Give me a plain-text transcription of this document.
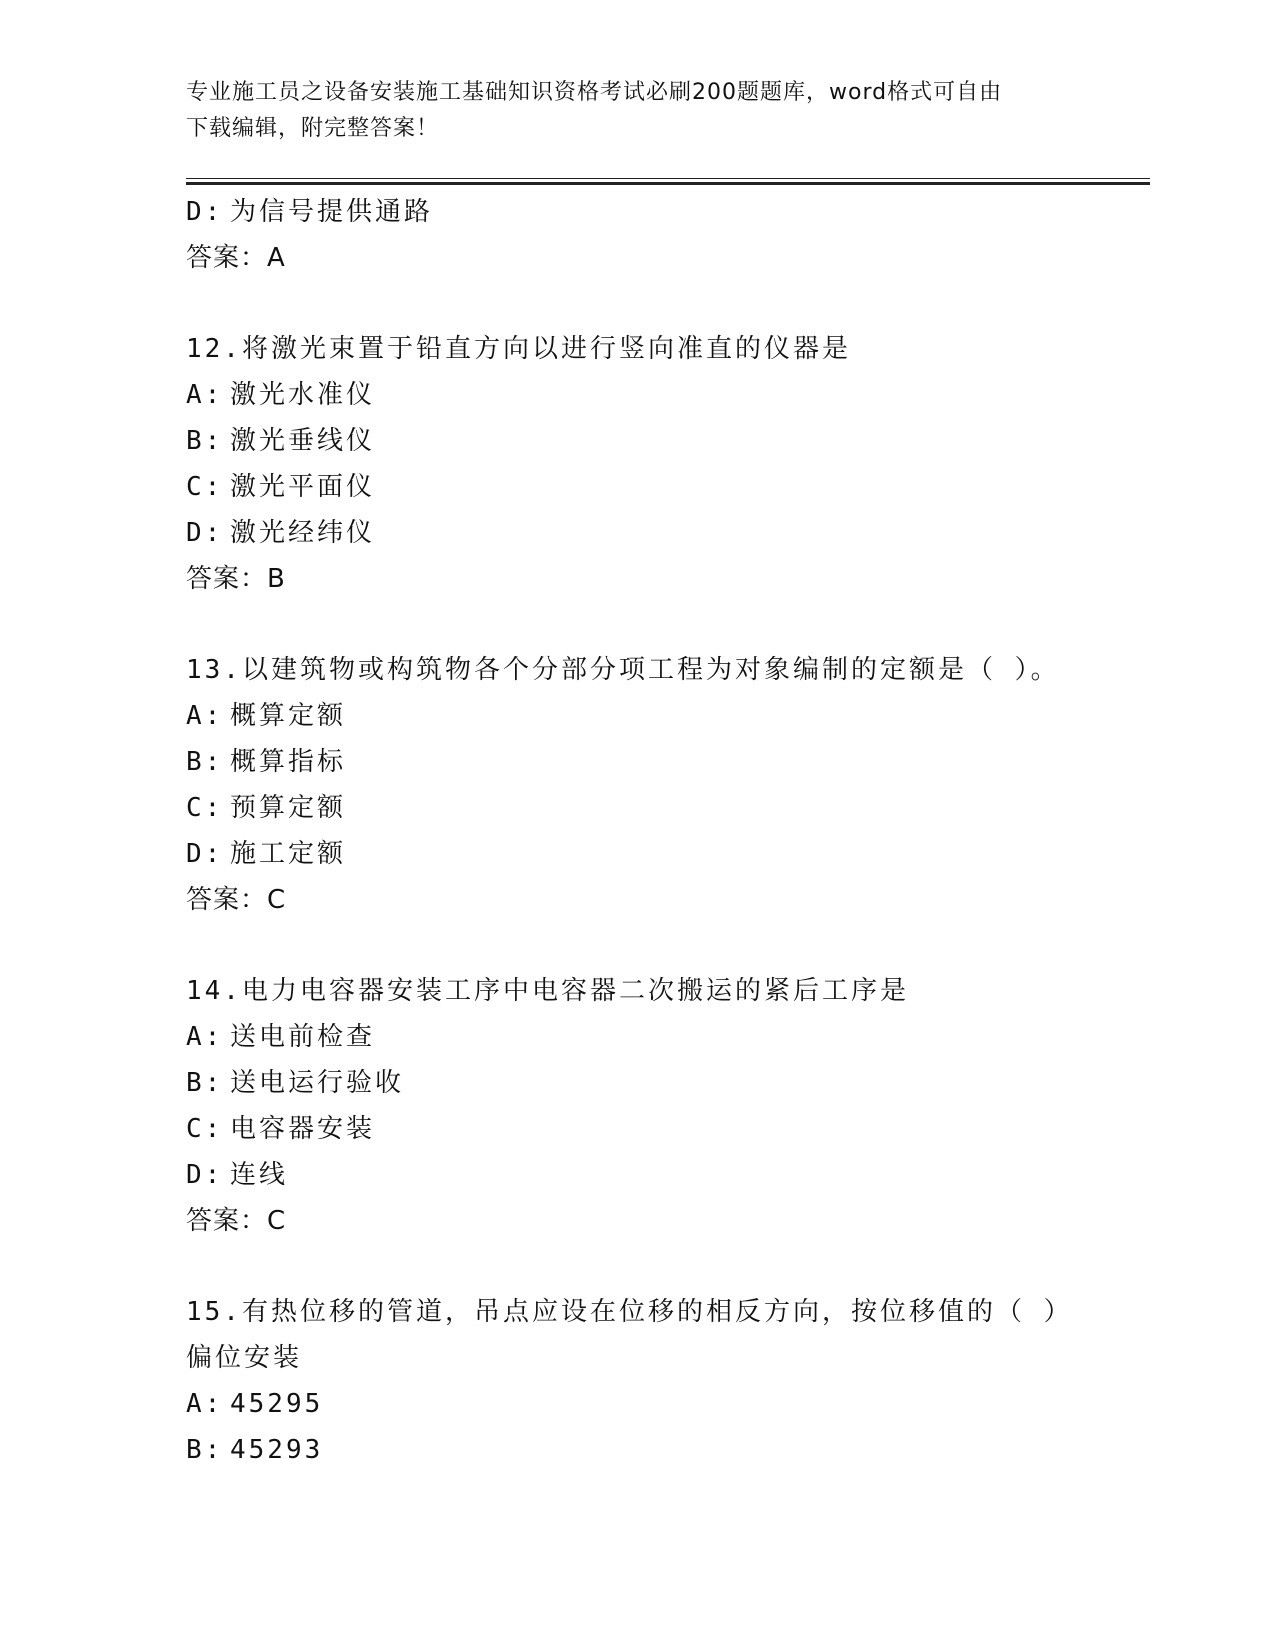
专业施工员之设备安装施工基础知识资格考试必刷200题题库，word格式可自由
下载编辑，附完整答案！
D: 为信号提供通路
答案：A
12.将激光束置于铅直方向以进行竖向准直的仪器是
A: 激光水准仪
B: 激光垂线仪
C: 激光平面仪
D: 激光经纬仪
答案：B
13.以建筑物或构筑物各个分部分项工程为对象编制的定额是（ ）。
A: 概算定额
B: 概算指标
C: 预算定额
D: 施工定额
答案：C
14.电力电容器安装工序中电容器二次搬运的紧后工序是
A: 送电前检查
B: 送电运行验收
C: 电容器安装
D: 连线
答案：C
15.有热位移的管道，吊点应设在位移的相反方向，按位移值的（ ）
偏位安装
A: 45295
B: 45293
